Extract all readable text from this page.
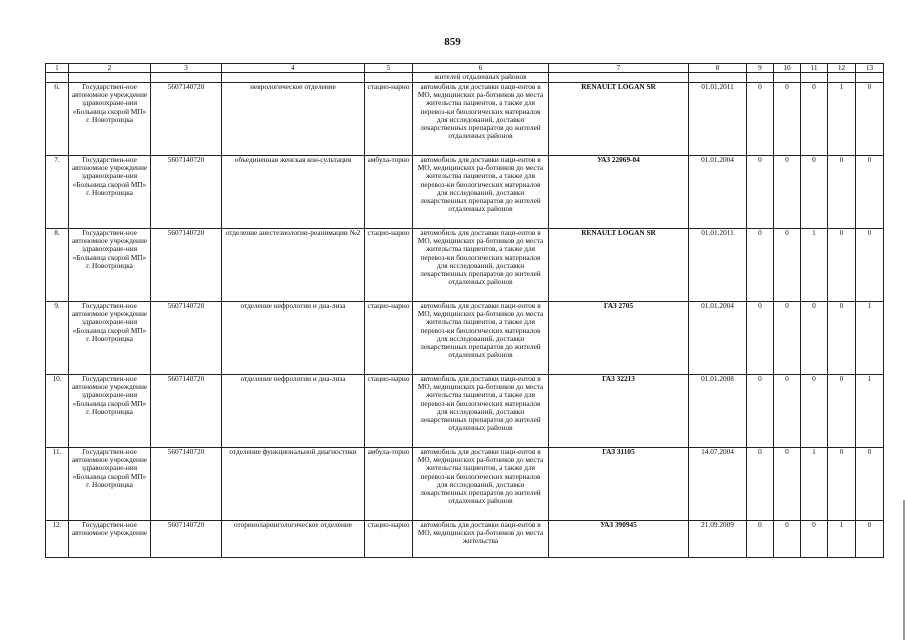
859
1	2	3	4	5	6	7	8	9	10	11	12	13
					жителей отдаленных районов							
6.	Государствен-ное автономное учреждение здравоохране-ния «Больница скорой МП» г. Новотроицка	5607140720	неврологическое отделение	стацио-нарно	автомобиль для доставки паци-ентов в МО, медицинских ра-ботников до места жительства пациентов, а также для перевоз-ки биологических материалов для исследований, доставки лекарственных препаратов до жителей отдаленных районов	RENAULT LOGAN SR	01.01.2011	0	0	0	1	0
7.	Государствен-ное автономное учреждение здравоохране-ния «Больница скорой МП» г. Новотроицка	5607140720	объединенная женская кон-сультация	амбула-торно	автомобиль для доставки паци-ентов в МО, медицинских ра-ботников до места жительства пациентов, а также для перевоз-ки биологических материалов для исследований, доставки лекарственных препаратов до жителей отдаленных районов	УАЗ 22069-04	01.01.2004	0	0	0	0	0
8.	Государствен-ное автономное учреждение здравоохране-ния «Больница скорой МП» г. Новотроицка	5607140720	отделение анестезиологии-реанимации №2	стацио-нарно	автомобиль для доставки паци-ентов в МО, медицинских ра-ботников до места жительства пациентов, а также для перевоз-ки биологических материалов для исследований, доставки лекарственных препаратов до жителей отдаленных районов	RENAULT LOGAN SR	01.01.2011	0	0	1	0	0
9.	Государствен-ное автономное учреждение здравоохране-ния «Больница скорой МП» г. Новотроицка	5607140720	отделение нефрологии и диа-лиза	стацио-нарно	автомобиль для доставки паци-ентов в МО, медицинских ра-ботников до места жительства пациентов, а также для перевоз-ки биологических материалов для исследований, доставки лекарственных препаратов до жителей отдаленных районов	ГАЗ 2705	01.01.2004	0	0	0	0	1
10.	Государствен-ное автономное учреждение здравоохране-ния «Больница скорой МП» г. Новотроицка	5607140720	отделение нефрологии и диа-лиза	стацио-нарно	автомобиль для доставки паци-ентов в МО, медицинских ра-ботников до места жительства пациентов, а также для перевоз-ки биологических материалов для исследований, доставки лекарственных препаратов до жителей отдаленных районов	ГАЗ 32213	01.01.2008	0	0	0	0	1
11.	Государствен-ное автономное учреждение здравоохране-ния «Больница скорой МП» г. Новотроицка	5607140720	отделение функциональной диагностики	амбула-торно	автомобиль для доставки паци-ентов в МО, медицинских ра-ботников до места жительства пациентов, а также для перевоз-ки биологических материалов для исследований, доставки лекарственных препаратов до жителей отдаленных районов	ГАЗ 31105	14.07.2004	0	0	1	0	0
12.	Государствен-ное автономное учреждение	5607140720	оториноларингологическое отделение	стацио-нарно	автомобиль для доставки паци-ентов в МО, медицинских ра-ботников до места жительства	УАЗ 390945	21.09.2009	0	0	0	1	0
